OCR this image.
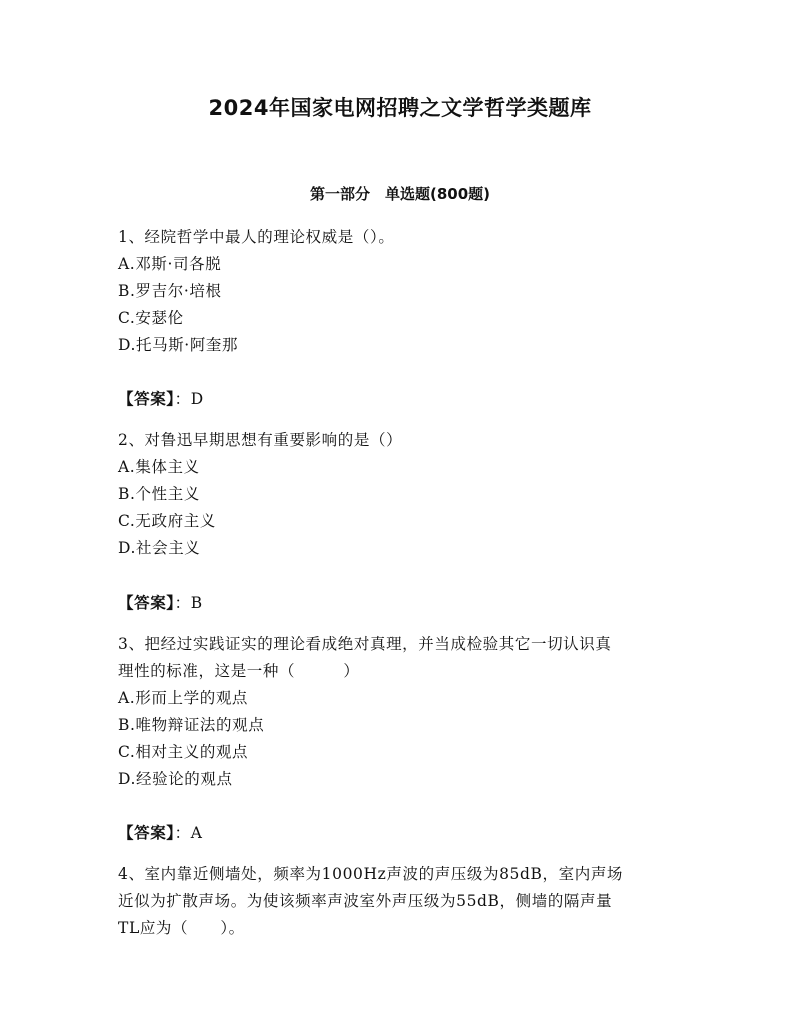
2024年国家电网招聘之文学哲学类题库
第一部分　单选题(800题)
1、经院哲学中最人的理论权威是（）。
A.邓斯·司各脱
B.罗吉尔·培根
C.安瑟伦
D.托马斯·阿奎那
【答案】：D
2、对鲁迅早期思想有重要影响的是（）
A.集体主义
B.个性主义
C.无政府主义
D.社会主义
【答案】：B
3、把经过实践证实的理论看成绝对真理，并当成检验其它一切认识真
理性的标准，这是一种（　　　）
A.形而上学的观点
B.唯物辩证法的观点
C.相对主义的观点
D.经验论的观点
【答案】：A
4、室内靠近侧墙处，频率为1000Hz声波的声压级为85dB，室内声场
近似为扩散声场。为使该频率声波室外声压级为55dB，侧墙的隔声量
TL应为（　　）。
